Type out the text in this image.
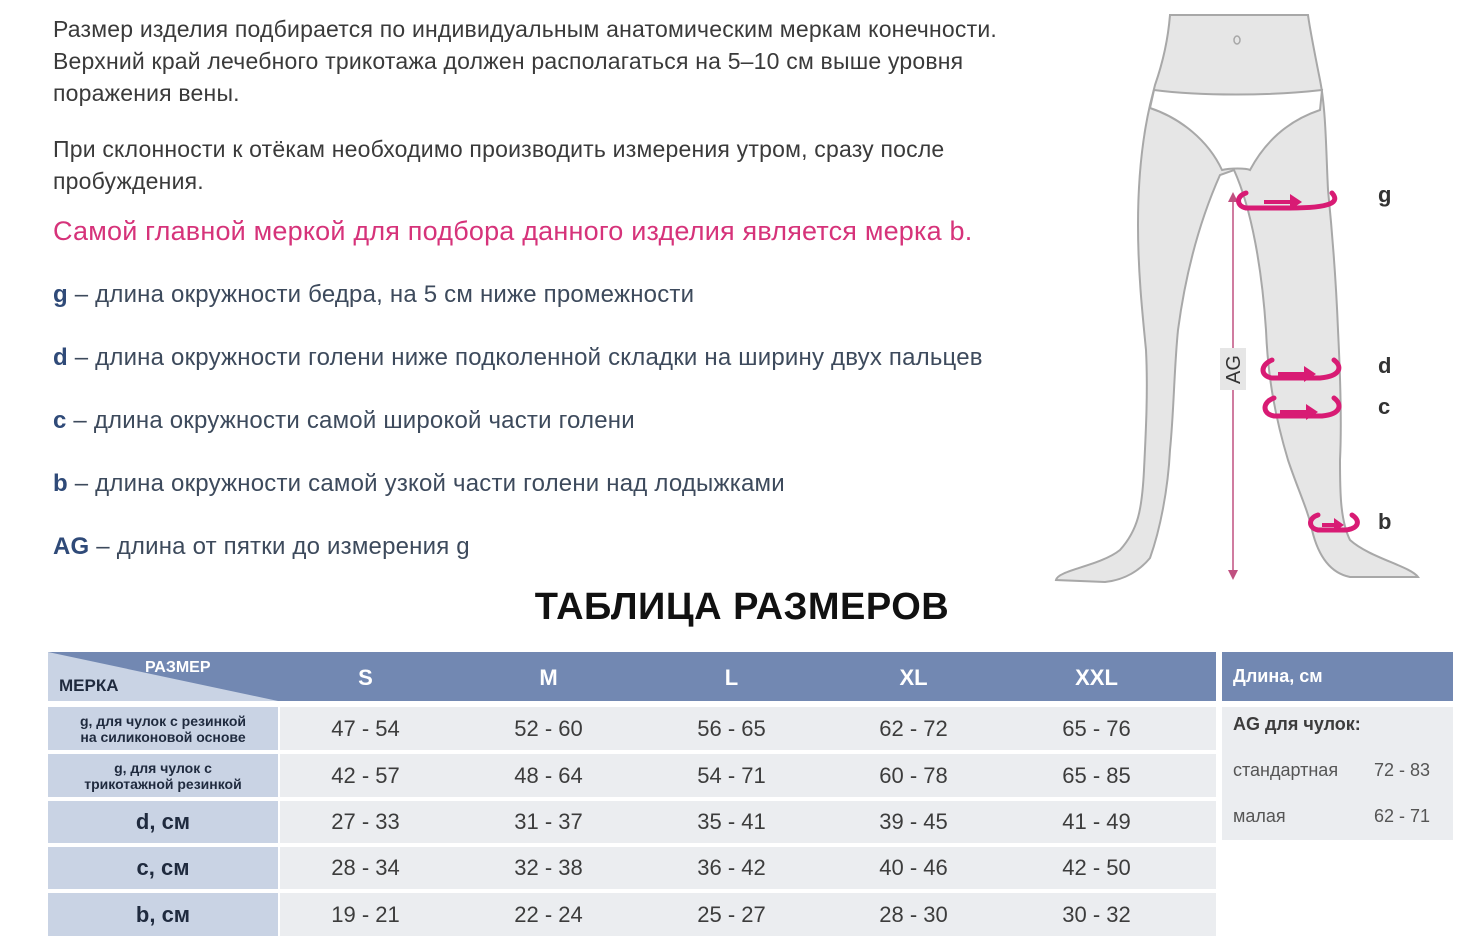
Размер изделия подбирается по индивидуальным анатомическим меркам конечности. Верхний край лечебного трикотажа должен располагаться на 5–10 см выше уровня поражения вены.
При склонности к отёкам необходимо производить измерения утром, сразу после пробуждения.
Самой главной меркой для подбора данного изделия является мерка b.
g – длина окружности бедра, на 5 см ниже промежности
d – длина окружности голени ниже подколенной складки на ширину двух пальцев
c – длина окружности самой широкой части голени
b – длина окружности самой узкой части голени над лодыжками
AG – длина от пятки до измерения g
AG
g
d
c
b
ТАБЛИЦА РАЗМЕРОВ
РАЗМЕР
МЕРКА	S	M	L	XL	XXL
g, для чулок с резинкой
на силиконовой основе	47 - 54	52 - 60	56 - 65	62 - 72	65 - 76
g, для чулок с
трикотажной резинкой	42 - 57	48 - 64	54 - 71	60 - 78	65 - 85
d, см	27 - 33	31 - 37	35 - 41	39 - 45	41 - 49
c, см	28 - 34	32 - 38	36 - 42	40 - 46	42 - 50
b, см	19 - 21	22 - 24	25 - 27	28 - 30	30 - 32
Длина, см
AG для чулок:
стандартная 72 - 83
малая	62 - 71
